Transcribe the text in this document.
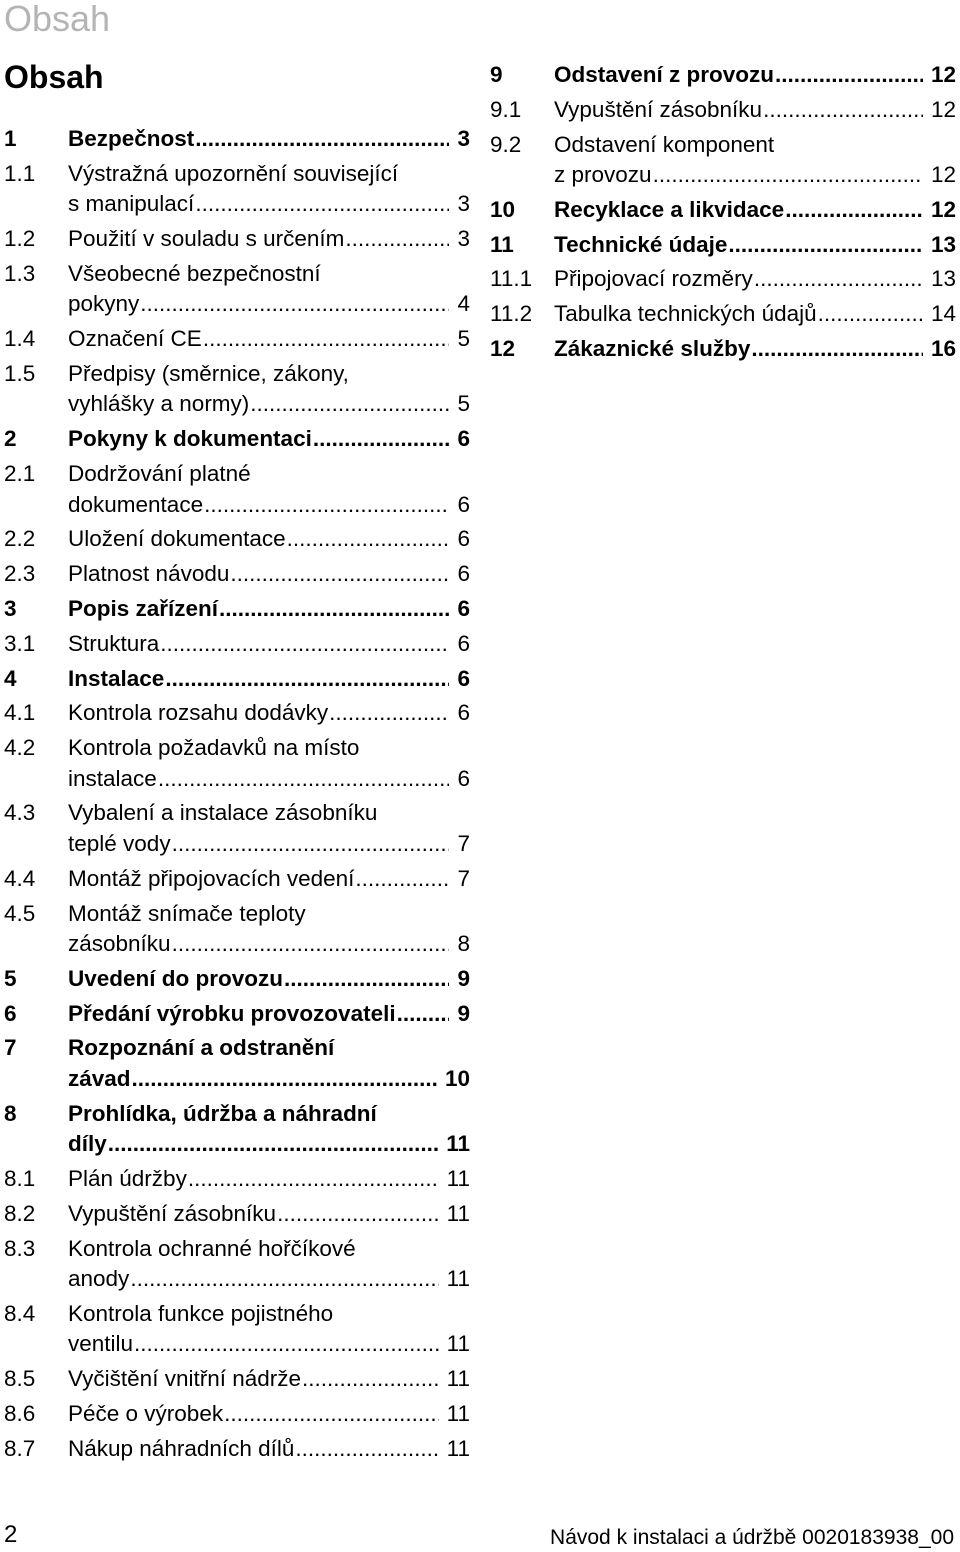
Obsah
Obsah
1	Bezpečnost .....	3
1.1	Výstražná upozornění související
s manipulací .....	3
1.2	Použití v souladu s určením .....	3
1.3	Všeobecné bezpečnostní
pokyny .....	4
1.4	Označení CE .....	5
1.5	Předpisy (směrnice, zákony,
vyhlášky a normy) .....	5
2	Pokyny k dokumentaci .....	6
2.1	Dodržování platné
dokumentace .....	6
2.2	Uložení dokumentace .....	6
2.3	Platnost návodu .....	6
3	Popis zařízení .....	6
3.1	Struktura .....	6
4	Instalace .....	6
4.1	Kontrola rozsahu dodávky .....	6
4.2	Kontrola požadavků na místo
instalace .....	6
4.3	Vybalení a instalace zásobníku
teplé vody .....	7
4.4	Montáž připojovacích vedení .....	7
4.5	Montáž snímače teploty
zásobníku .....	8
5	Uvedení do provozu .....	9
6	Předání výrobku provozovateli .....	9
7	Rozpoznání a odstranění
závad .....	10
8	Prohlídka, údržba a náhradní
díly .....	11
8.1	Plán údržby .....	11
8.2	Vypuštění zásobníku .....	11
8.3	Kontrola ochranné hořčíkové
anody .....	11
8.4	Kontrola funkce pojistného
ventilu .....	11
8.5	Vyčištění vnitřní nádrže .....	11
8.6	Péče o výrobek .....	11
8.7	Nákup náhradních dílů .....	11
9	Odstavení z provozu .....	12
9.1	Vypuštění zásobníku .....	12
9.2	Odstavení komponent
z provozu .....	12
10	Recyklace a likvidace .....	12
11	Technické údaje .....	13
11.1 Připojovací rozměry .....	13
11.2 Tabulka technických údajů .....	14
12	Zákaznické služby .....	16
2	Návod k instalaci a údržbě 0020183938_00
